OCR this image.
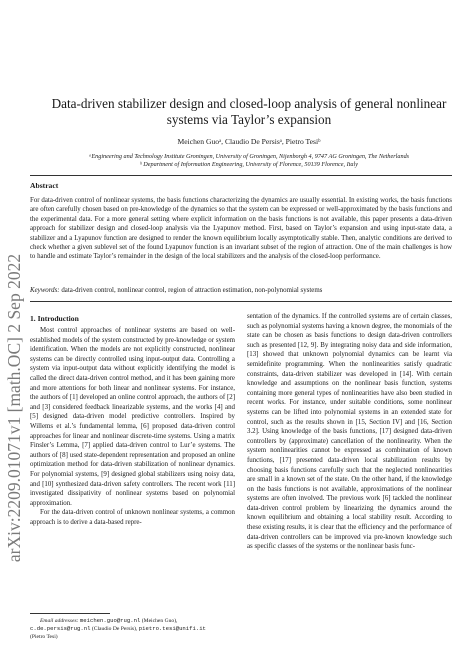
arXiv:2209.01071v1 [math.OC] 2 Sep 2022
Data-driven stabilizer design and closed-loop analysis of general nonlinear systems via Taylor’s expansion
Meichen Guoᵃ, Claudio De Persisᵃ, Pietro Tesiᵇ
ᵃEngineering and Technology Institute Groningen, University of Groningen, Nijenborgh 4, 9747 AG Groningen, The Netherlands
ᵇ Department of Information Engineering, University of Florence, 50139 Florence, Italy
Abstract

For data-driven control of nonlinear systems, the basis functions characterizing the dynamics are usually essential. In existing works, the basis functions are often carefully chosen based on pre-knowledge of the dynamics so that the system can be expressed or well-approximated by the basis functions and the experimental data. For a more general setting where explicit information on the basis functions is not available, this paper presents a data-driven approach for stabilizer design and closed-loop analysis via the Lyapunov method. First, based on Taylor’s expansion and using input-state data, a stabilizer and a Lyapunov function are designed to render the known equilibrium locally asymptotically stable. Then, analytic conditions are derived to check whether a given sublevel set of the found Lyapunov function is an invariant subset of the region of attraction. One of the main challenges is how to handle and estimate Taylor’s remainder in the design of the local stabilizers and the analysis of the closed-loop performance.

Keywords: data-driven control, nonlinear control, region of attraction estimation, non-polynomial systems
1. Introduction

Most control approaches of nonlinear systems are based on well-established models of the system constructed by pre-knowledge or system identification. When the models are not explicitly constructed, nonlinear systems can be directly controlled using input-output data. Controlling a system via input-output data without explicitly identifying the model is called the direct data-driven control method, and it has been gaining more and more attentions for both linear and nonlinear systems. For instance, the authors of [1] developed an online control approach, the authors of [2] and [3] considered feedback linearizable systems, and the works [4] and [5] designed data-driven model predictive controllers. Inspired by Willems et al.’s fundamental lemma, [6] proposed data-driven control approaches for linear and nonlinear discrete-time systems. Using a matrix Finsler’s Lemma, [7] applied data-driven control to Lur’e systems. The authors of [8] used state-dependent representation and proposed an online optimization method for data-driven stabilization of nonlinear dynamics. For polynomial systems, [9] designed global stabilizers using noisy data, and [10] synthesized data-driven safety controllers. The recent work [11] investigated dissipativity of nonlinear systems based on polynomial approximation.

For the data-driven control of unknown nonlinear systems, a common approach is to derive a data-based repre-

sentation of the dynamics. If the controlled systems are of certain classes, such as polynomial systems having a known degree, the monomials of the state can be chosen as basis functions to design data-driven controllers such as presented [12, 9]. By integrating noisy data and side information, [13] showed that unknown polynomial dynamics can be learnt via semidefinite programming. When the nonlinearities satisfy quadratic constraints, data-driven stabilizer was developed in [14]. With certain knowledge and assumptions on the nonlinear basis function, systems containing more general types of nonlinearities have also been studied in recent works. For instance, under suitable conditions, some nonlinear systems can be lifted into polynomial systems in an extended state for control, such as the results shown in [15, Section IV] and [16, Section 3.2]. Using knowledge of the basis functions, [17] designed data-driven controllers by (approximate) cancellation of the nonlinearity. When the system nonlinearities cannot be expressed as combination of known functions, [17] presented data-driven local stabilization results by choosing basis functions carefully such that the neglected nonlinearities are small in a known set of the state. On the other hand, if the knowledge on the basis functions is not available, approximations of the nonlinear systems are often involved. The previous work [6] tackled the nonlinear data-driven control problem by linearizing the dynamics around the known equilibrium and obtaining a local stability result. According to these existing results, it is clear that the efficiency and the performance of data-driven controllers can be improved via pre-known knowledge such as specific classes of the systems or the nonlinear basis func-

Email addresses: meichen.guo@rug.nl (Meichen Guo),
c.de.persis@rug.nl (Claudio De Persis), pietro.tesi@unifi.it
(Pietro Tesi)
